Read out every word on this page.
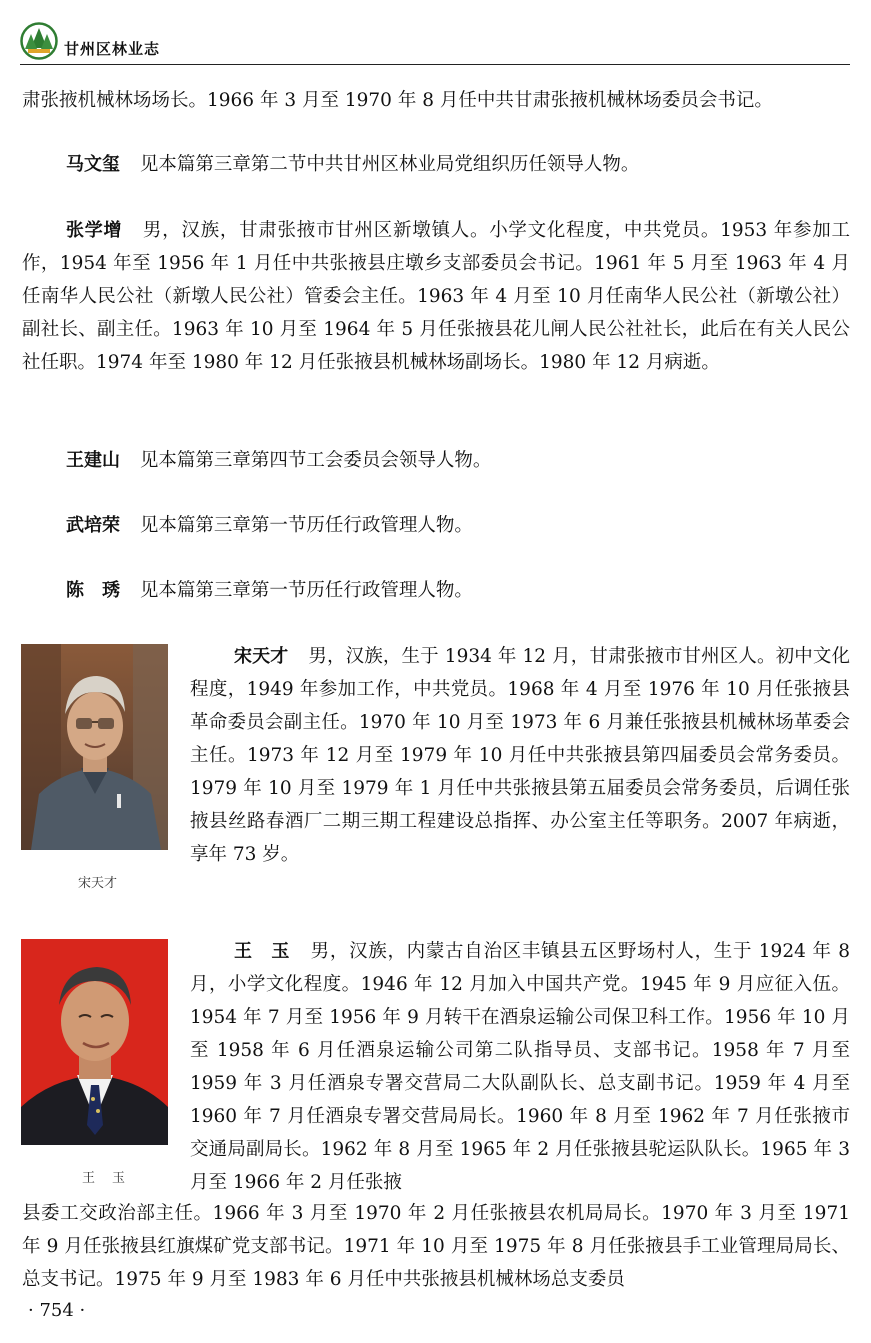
甘州区林业志

肃张掖机械林场场长。1966 年 3 月至 1970 年 8 月任中共甘肃张掖机械林场委员会书记。

马文玺 见本篇第三章第二节中共甘州区林业局党组织历任领导人物。

张学增 男，汉族，甘肃张掖市甘州区新墩镇人。小学文化程度，中共党员。1953 年参加工作，1954 年至 1956 年 1 月任中共张掖县庄墩乡支部委员会书记。1961 年 5 月至 1963 年 4 月任南华人民公社（新墩人民公社）管委会主任。1963 年 4 月至 10 月任南华人民公社（新墩公社）副社长、副主任。1963 年 10 月至 1964 年 5 月任张掖县花儿闸人民公社社长，此后在有关人民公社任职。1974 年至 1980 年 12 月任张掖县机械林场副场长。1980 年 12 月病逝。

王建山 见本篇第三章第四节工会委员会领导人物。

武培荣 见本篇第三章第一节历任行政管理人物。

陈　琇 见本篇第三章第一节历任行政管理人物。

宋天才

宋天才 男，汉族，生于 1934 年 12 月，甘肃张掖市甘州区人。初中文化程度，1949 年参加工作，中共党员。1968 年 4 月至 1976 年 10 月任张掖县革命委员会副主任。1970 年 10 月至 1973 年 6 月兼任张掖县机械林场革委会主任。1973 年 12 月至 1979 年 10 月任中共张掖县第四届委员会常务委员。1979 年 10 月至 1979 年 1 月任中共张掖县第五届委员会常务委员，后调任张掖县丝路春酒厂二期三期工程建设总指挥、办公室主任等职务。2007 年病逝，享年 73 岁。

王　玉

王　玉 男，汉族，内蒙古自治区丰镇县五区野场村人，生于 1924 年 8 月，小学文化程度。1946 年 12 月加入中国共产党。1945 年 9 月应征入伍。1954 年 7 月至 1956 年 9 月转干在酒泉运输公司保卫科工作。1956 年 10 月至 1958 年 6 月任酒泉运输公司第二队指导员、支部书记。1958 年 7 月至 1959 年 3 月任酒泉专署交营局二大队副队长、总支副书记。1959 年 4 月至 1960 年 7 月任酒泉专署交营局局长。1960 年 8 月至 1962 年 7 月任张掖市交通局副局长。1962 年 8 月至 1965 年 2 月任张掖县驼运队队长。1965 年 3 月至 1966 年 2 月任张掖

县委工交政治部主任。1966 年 3 月至 1970 年 2 月任张掖县农机局局长。1970 年 3 月至 1971 年 9 月任张掖县红旗煤矿党支部书记。1971 年 10 月至 1975 年 8 月任张掖县手工业管理局局长、总支书记。1975 年 9 月至 1983 年 6 月任中共张掖县机械林场总支委员

· 754 ·
